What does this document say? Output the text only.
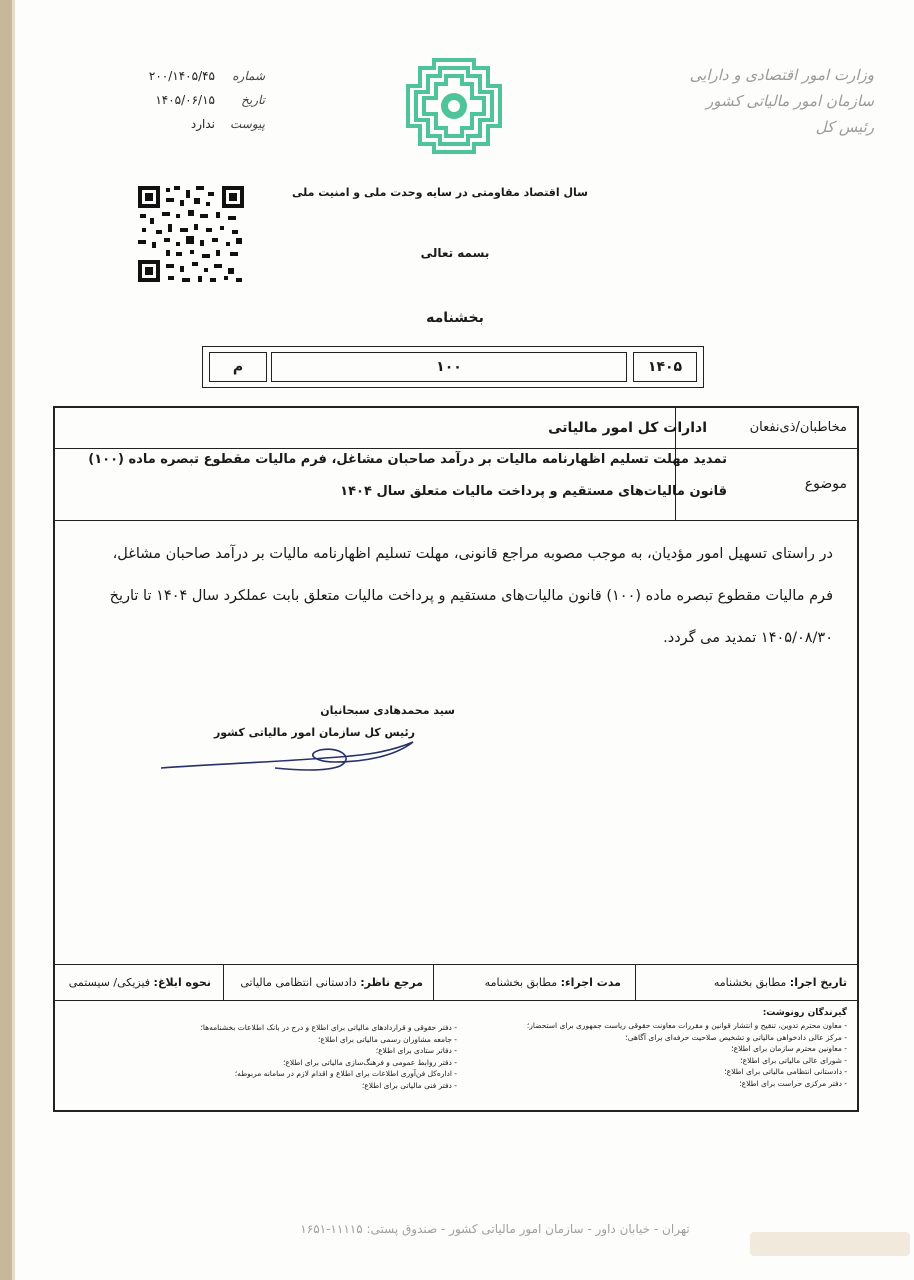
وزارت امور اقتصادی و دارایی
سازمان امور مالیاتی کشور
رئیس کل
شماره
۲۰۰/۱۴۰۵/۴۵
تاریخ
۱۴۰۵/۰۶/۱۵
پیوست
ندارد
سال اقتصاد مقاومتی در سایه وحدت ملی و امنیت ملی
بسمه تعالی
بخشنامه
۱۴۰۵
۱۰۰
م
مخاطبان/ذی‌نفعان
ادارات کل امور مالیاتی
موضوع
تمدید مهلت تسلیم اظهارنامه مالیات بر درآمد صاحبان مشاغل، فرم مالیات مقطوع تبصره ماده (۱۰۰)
قانون مالیات‌های مستقیم و پرداخت مالیات متعلق سال ۱۴۰۴
در راستای تسهیل امور مؤدیان، به موجب مصوبه مراجع قانونی، مهلت تسلیم اظهارنامه مالیات بر درآمد صاحبان مشاغل،
فرم مالیات مقطوع تبصره ماده (۱۰۰) قانون مالیات‌های مستقیم و پرداخت مالیات متعلق بابت عملکرد سال ۱۴۰۴ تا تاریخ
۱۴۰۵/۰۸/۳۰ تمدید می گردد.
سید محمدهادی سبحانیان
رئیس کل سازمان امور مالیاتی کشور
تاریخ اجرا: مطابق بخشنامه
مدت اجراء: مطابق بخشنامه
مرجع ناظر: دادستانی انتظامی مالیاتی
نحوه ابلاغ: فیزیکی/ سیستمی
گیرندگان رونوشت:
- معاون محترم تدوین، تنقیح و انتشار قوانین و مقررات معاونت حقوقی ریاست جمهوری برای استحضار؛
- مرکز عالی دادخواهی مالیاتی و تشخیص صلاحیت حرفه‌ای برای آگاهی؛
- معاونین محترم سازمان برای اطلاع؛
- شورای عالی مالیاتی برای اطلاع؛
- دادستانی انتظامی مالیاتی برای اطلاع؛
- دفتر مرکزی حراست برای اطلاع؛
- دفتر حقوقی و قراردادهای مالیاتی برای اطلاع و درج در بانک اطلاعات بخشنامه‌ها؛
- جامعه مشاوران رسمی مالیاتی برای اطلاع؛
- دفاتر ستادی برای اطلاع؛
- دفتر روابط عمومی و فرهنگ‌سازی مالیاتی برای اطلاع؛
- اداره‌کل فن‌آوری اطلاعات برای اطلاع و اقدام لازم در سامانه مربوطه؛
- دفتر فنی مالیاتی برای اطلاع؛
تهران - خیابان داور - سازمان امور مالیاتی کشور - صندوق پستی: ۱۱۱۱۵-۱۶۵۱
